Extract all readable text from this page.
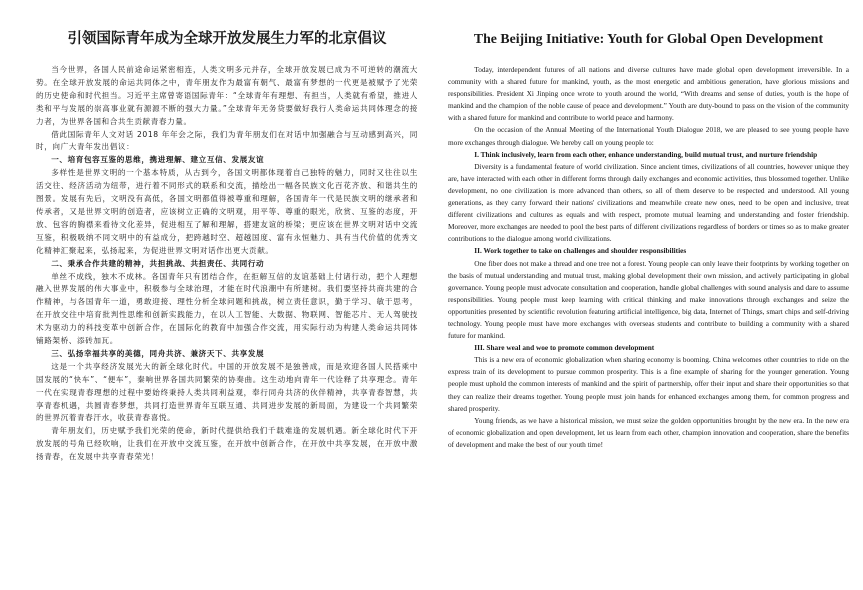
引领国际青年成为全球开放发展生力军的北京倡议

当今世界，各国人民前途命运紧密相连，人类文明多元并存，全球开放发展已成为不可逆转的潮流大势。在全球开放发展的命运共同体之中，青年朋友作为最富有朝气、最富有梦想的一代更是被赋予了光荣的历史使命和时代担当。习近平主席曾寄语国际青年：“全球青年有理想、有担当，人类就有希望，推进人类和平与发展的崇高事业就有源源不断的强大力量。”全球青年无务贷要做好我行人类命运共同体理念的接力者，为世界各国和合共生贡献青春力量。

借此国际青年人文对话 2018 年年会之际，我们为青年朋友们在对话中加强融合与互动感到高兴，同时，向广大青年发出倡议：

一、培育包容互鉴的思维，携进理解、建立互信、发展友谊

多样性是世界文明的一个基本特质，从古到今，各国文明都体现着自己独特的魅力，同时又往往以生活交往、经济活动为纽带，进行着不同形式的联系和交流，描绘出一幅各民族文化百花齐放、和谐共生的图景。发展有先后，文明没有高低，各国文明都值得被尊重和理解，各国青年一代是民族文明的继承者和传承者，又是世界文明的创造者，应该树立正确的文明观，用平等、尊重的眼光，欣赏、互鉴的态度，开放、包容的胸襟来看待文化差异，促进相互了解和理解，搭建友谊的桥梁；更应该在世界文明对话中交流互鉴，积极吸纳不同文明中的有益成分，把跨越时空、超越国度、富有永恒魅力、具有当代价值的优秀文化精神汇聚起来，弘扬起来，为促进世界文明对话作出更大贡献。

二、秉承合作共建的精神，共担挑战、共担责任、共同行动

单丝不成线，独木不成林。各国青年只有团结合作，在拒解互信的友谊基础上付诸行动，把个人理想融入世界发展的伟大事业中，积极参与全球治理，才能在时代浪潮中有所建树。我们要坚持共商共建的合作精神，与各国青年一道，勇敢迎接、理性分析全球问题和挑战，树立责任意识，勤于学习、敏于思考，在开放交往中培育批判性思维和创新实践能力，在以人工智能、大数据、物联网、智能芯片、无人驾驶技术为驱动力的科技变革中创新合作，在国际化的教育中加强合作交流，用实际行动为构建人类命运共同体铺路架桥、添砖加瓦。

三、弘扬幸福共享的美德，同舟共济、兼济天下、共享发展

这是一个共享经济发展光大的新全球化时代。中国的开放发展不是独善成，而是欢迎各国人民搭乘中国发展的“快车”、“便车”，秦响世界各国共同繁荣的协奏曲。这生动地向青年一代诠释了共享理念。青年一代在实现青春理想的过程中要始终秉持人类共同利益观，奉行同舟共济的伙伴精神，共享青春智慧，共享青春机遇，共圆青春梦想，共同打造世界青年互联互通、共同进步发展的新局面，为建设一个共同繁荣的世界沉着青春汗水，收获青春喜悦。

青年朋友们，历史赋予我们光荣的使命，新时代提供给我们千载难逢的发展机遇。新全球化时代下开放发展的号角已经吹响，让我们在开放中交流互鉴，在开放中创新合作，在开放中共享发展，在开放中激扬青春，在发展中共享青春荣光！

The Beijing Initiative: Youth for Global Open Development

Today, interdependent futures of all nations and diverse cultures have made global open development irreversible. In a community with a shared future for mankind, youth, as the most energetic and ambitious generation, have glorious missions and responsibilities. President Xi Jinping once wrote to youth around the world, “With dreams and sense of duties, youth is the hope of mankind and the champion of the noble cause of peace and development.” Youth are duty-bound to pass on the vision of the community with a shared future for mankind and contribute to world peace and harmony.

On the occasion of the Annual Meeting of the International Youth Dialogue 2018, we are pleased to see young people have more exchanges through dialogue. We hereby call on young people to:

I. Think inclusively, learn from each other, enhance understanding, build mutual trust, and nurture friendship

Diversity is a fundamental feature of world civilization. Since ancient times, civilizations of all countries, however unique they are, have interacted with each other in different forms through daily exchanges and economic activities, thus blossomed together. Unlike development, no one civilization is more advanced than others, so all of them deserve to be respected and understood. All young generations, as they carry forward their nations' civilizations and meanwhile create new ones, need to be open and inclusive, treat different civilizations and cultures as equals and with respect, promote mutual learning and understanding and foster friendship. Moreover, more exchanges are needed to pool the best parts of different civilizations regardless of borders or times so as to make greater contributions to the dialogue among world civilizations.

II. Work together to take on challenges and shoulder responsibilities

One fiber does not make a thread and one tree not a forest. Young people can only leave their footprints by working together on the basis of mutual understanding and mutual trust, making global development their own mission, and actively participating in global governance. Young people must advocate consultation and cooperation, handle global challenges with sound analysis and dare to assume responsibilities. Young people must keep learning with critical thinking and make innovations through exchanges and seize the opportunities presented by scientific revolution featuring artificial intelligence, big data, Internet of Things, smart chips and self-driving technology. Young people must have more exchanges with overseas students and contribute to building a community with a shared future for mankind.

III. Share weal and woe to promote common development

This is a new era of economic globalization when sharing economy is booming. China welcomes other countries to ride on the express train of its development to pursue common prosperity. This is a fine example of sharing for the younger generation. Young people must uphold the common interests of mankind and the spirit of partnership, offer their input and share their opportunities so that they can realize their dreams together. Young people must join hands for enhanced exchanges among them, for common progress and shared prosperity.

Young friends, as we have a historical mission, we must seize the golden opportunities brought by the new era. In the new era of economic globalization and open development, let us learn from each other, champion innovation and cooperation, share the benefits of development and make the best of our youth time!
